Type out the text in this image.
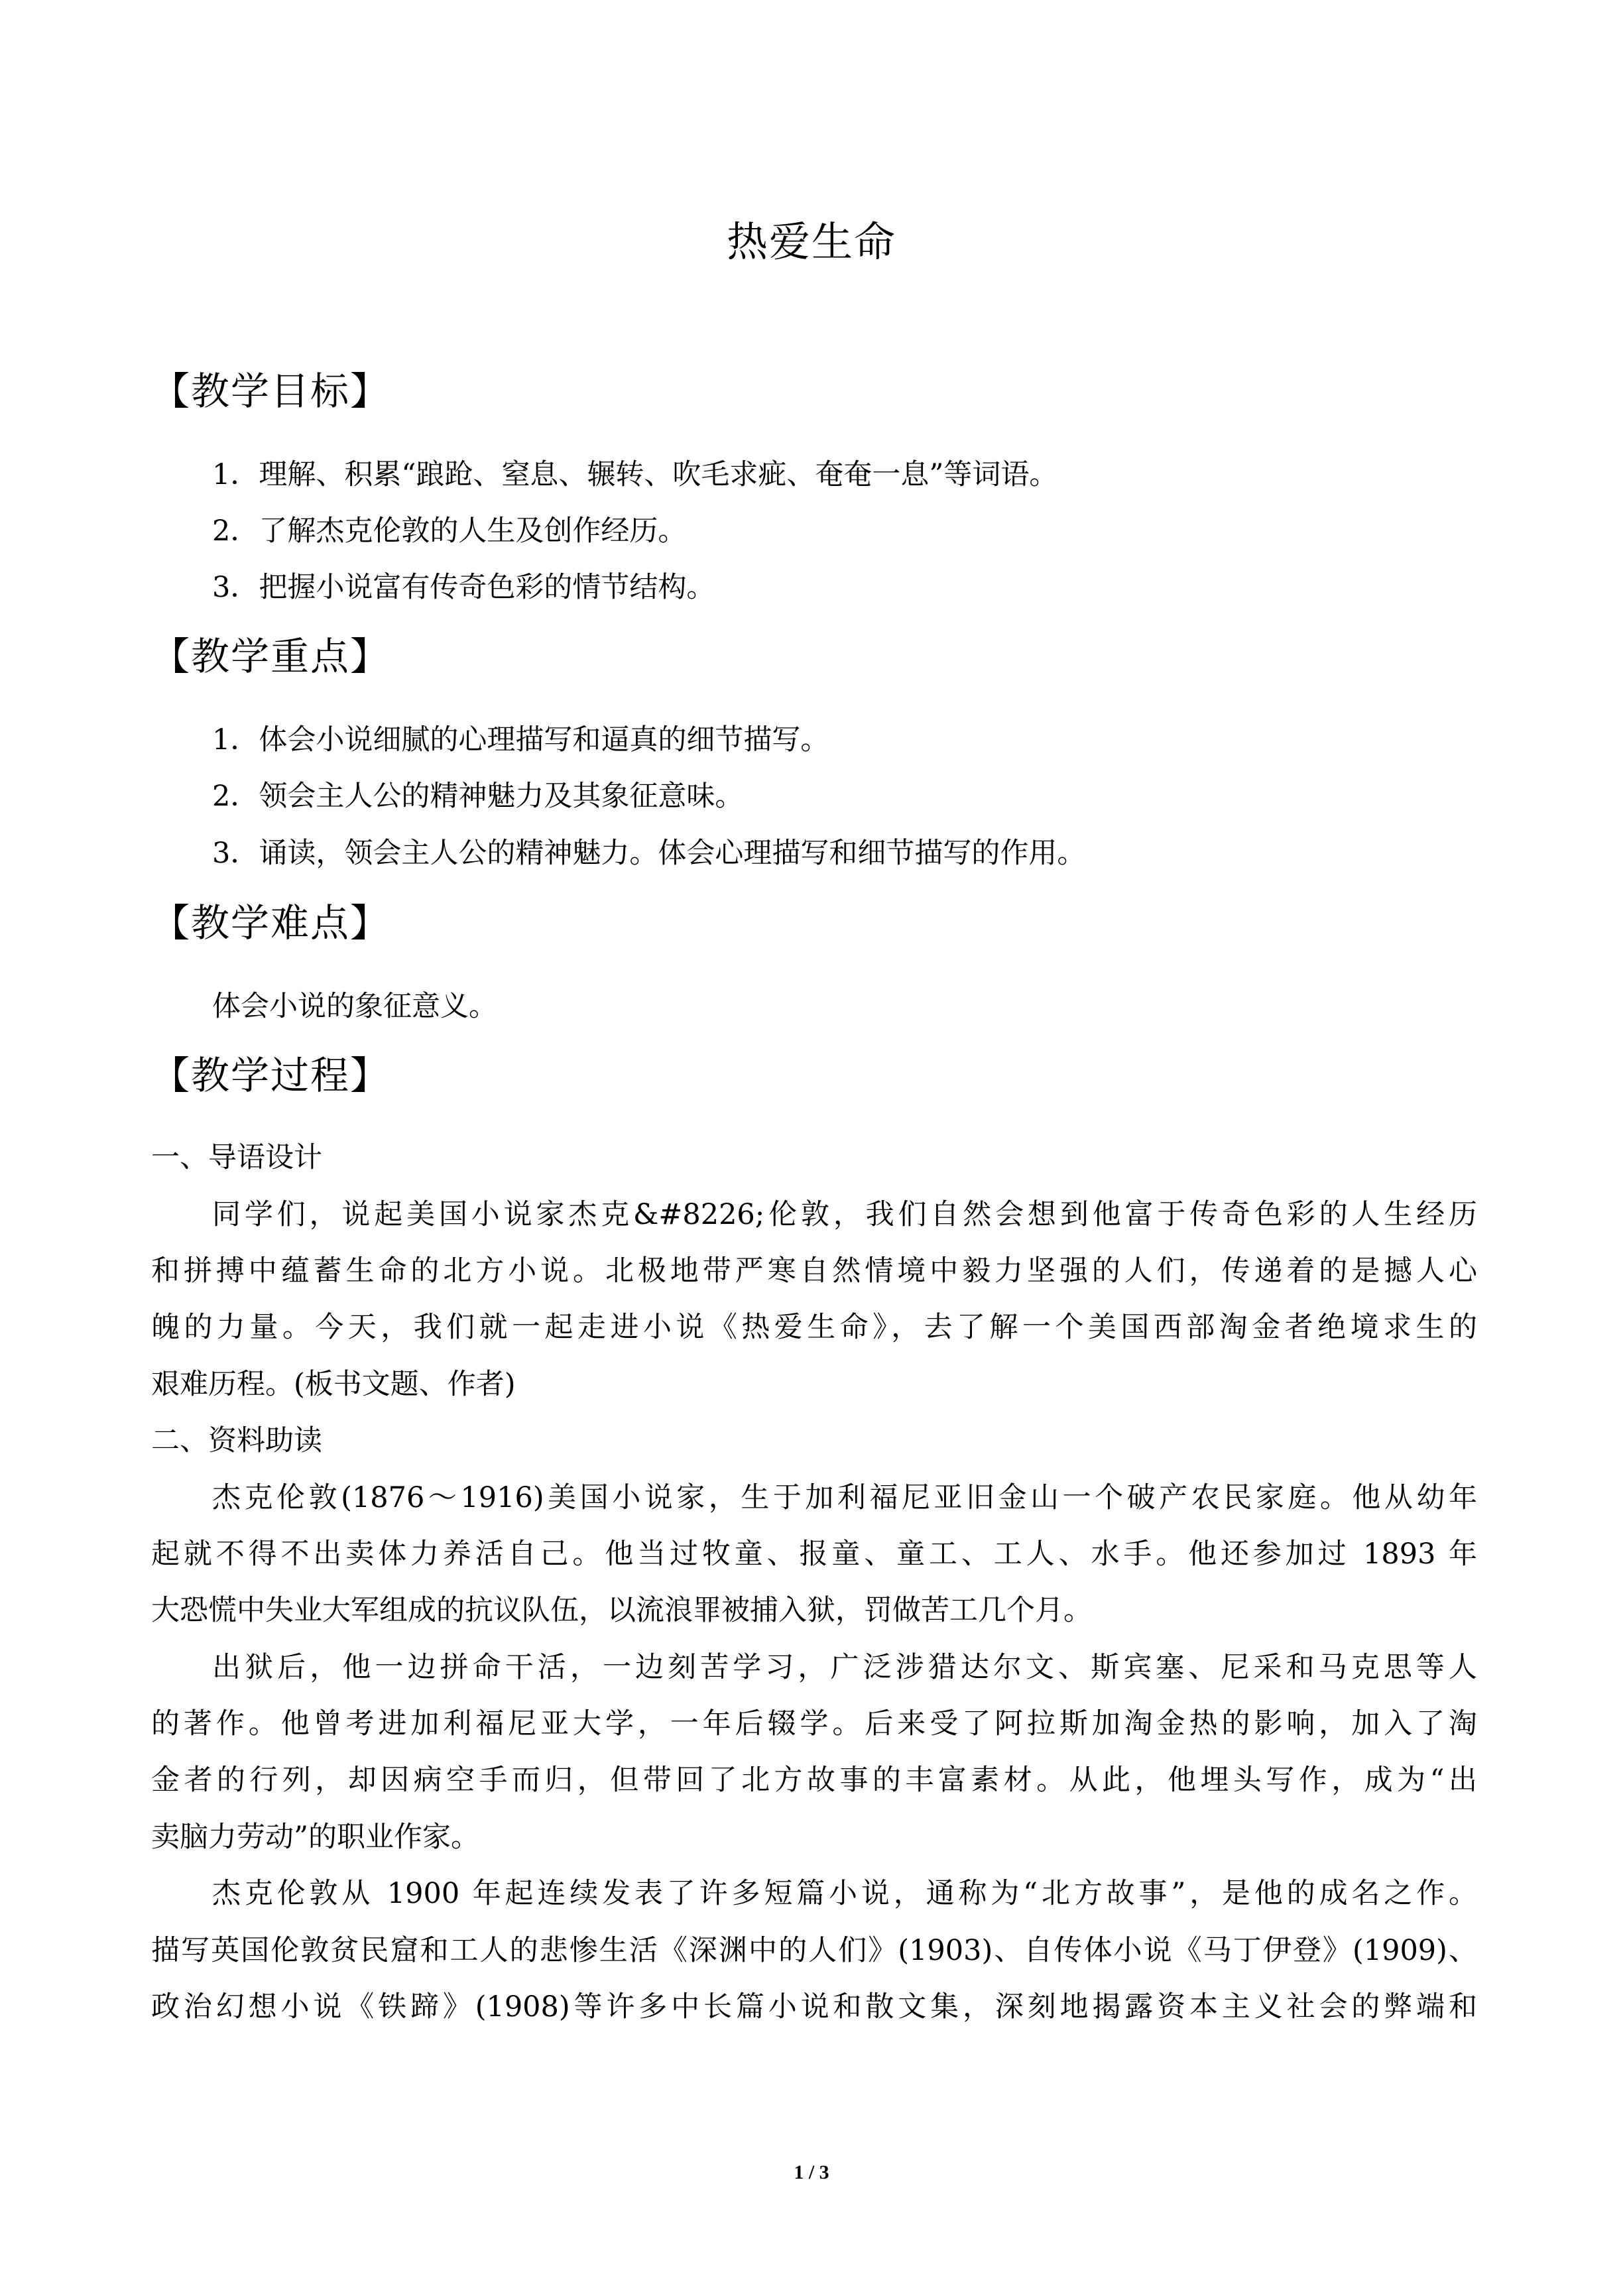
热爱生命
【教学目标】
1．理解、积累“踉跄、窒息、辗转、吹毛求疵、奄奄一息”等词语。
2．了解杰克伦敦的人生及创作经历。
3．把握小说富有传奇色彩的情节结构。
【教学重点】
1．体会小说细腻的心理描写和逼真的细节描写。
2．领会主人公的精神魅力及其象征意味。
3．诵读，领会主人公的精神魅力。体会心理描写和细节描写的作用。
【教学难点】
体会小说的象征意义。
【教学过程】
一、导语设计
同学们，说起美国小说家杰克&#8226;伦敦，我们自然会想到他富于传奇色彩的人生经历
和拼搏中蕴蓄生命的北方小说。北极地带严寒自然情境中毅力坚强的人们，传递着的是撼人心
魄的力量。今天，我们就一起走进小说《热爱生命》，去了解一个美国西部淘金者绝境求生的
艰难历程。(板书文题、作者)
二、资料助读
杰克伦敦(1876～1916)美国小说家，生于加利福尼亚旧金山一个破产农民家庭。他从幼年
起就不得不出卖体力养活自己。他当过牧童、报童、童工、工人、水手。他还参加过 1893 年
大恐慌中失业大军组成的抗议队伍，以流浪罪被捕入狱，罚做苦工几个月。
出狱后，他一边拼命干活，一边刻苦学习，广泛涉猎达尔文、斯宾塞、尼采和马克思等人
的著作。他曾考进加利福尼亚大学，一年后辍学。后来受了阿拉斯加淘金热的影响，加入了淘
金者的行列，却因病空手而归，但带回了北方故事的丰富素材。从此，他埋头写作，成为“出
卖脑力劳动”的职业作家。
杰克伦敦从 1900 年起连续发表了许多短篇小说，通称为“北方故事”，是他的成名之作。
描写英国伦敦贫民窟和工人的悲惨生活《深渊中的人们》(1903)、自传体小说《马丁伊登》(1909)、
政治幻想小说《铁蹄》(1908)等许多中长篇小说和散文集，深刻地揭露资本主义社会的弊端和
1 / 3
